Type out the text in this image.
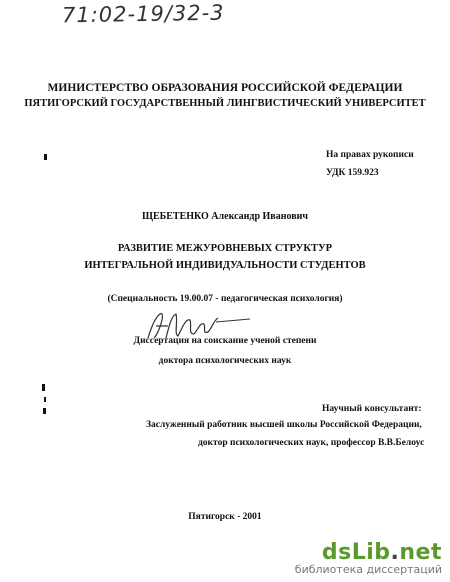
71:02-19/32-3
МИНИСТЕРСТВО ОБРАЗОВАНИЯ РОССИЙСКОЙ ФЕДЕРАЦИИ
ПЯТИГОРСКИЙ ГОСУДАРСТВЕННЫЙ ЛИНГВИСТИЧЕСКИЙ УНИВЕРСИТЕТ
На правах рукописи
УДК 159.923
ЩЕБЕТЕНКО Александр Иванович
РАЗВИТИЕ МЕЖУРОВНЕВЫХ СТРУКТУР
ИНТЕГРАЛЬНОЙ ИНДИВИДУАЛЬНОСТИ СТУДЕНТОВ
(Специальность 19.00.07 - педагогическая психология)
Диссертация на соискание ученой степени
доктора психологических наук
Научный консультант:
Заслуженный работник высшей школы Российской Федерации,
доктор психологических наук, профессор В.В.Белоус
Пятигорск - 2001
dsLib.net
библиотека диссертаций
